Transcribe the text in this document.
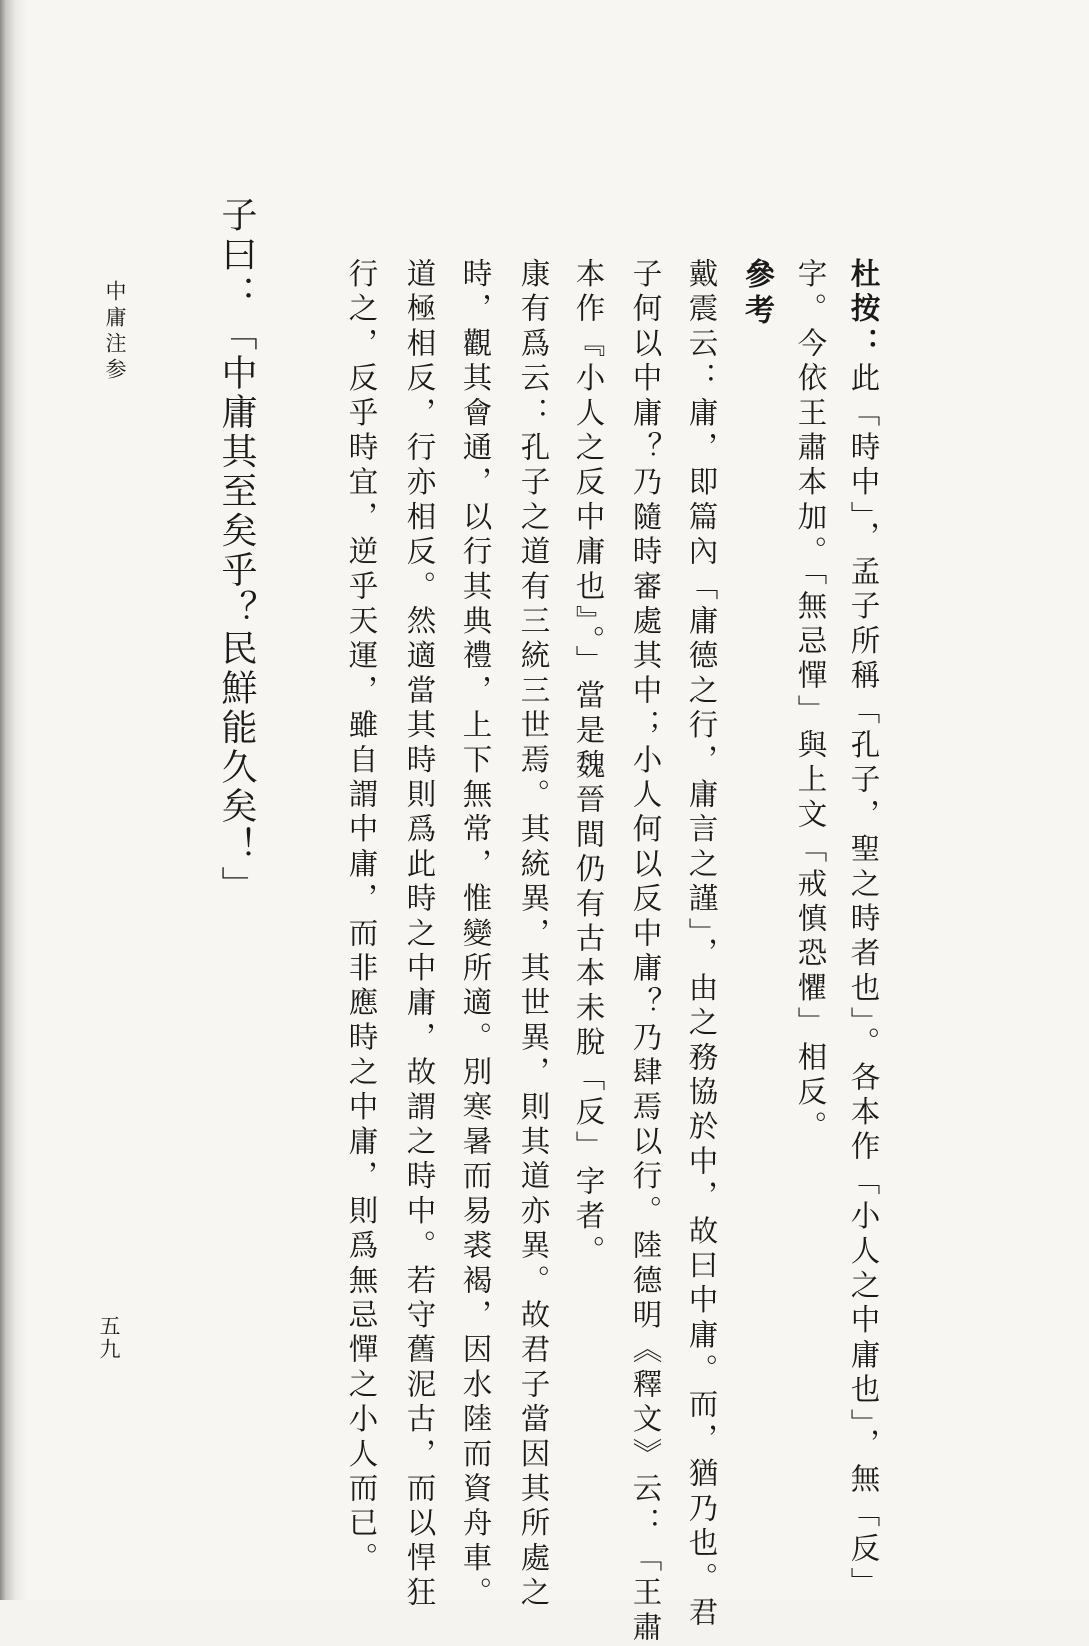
杜按：此「時中」，孟子所稱「孔子，聖之時者也」。各本作「小人之中庸也」，無「反」
字。今依王肅本加。「無忌憚」與上文「戒慎恐懼」相反。
參考
戴震云：庸，即篇內「庸德之行，庸言之謹」，由之務協於中，故曰中庸。而，猶乃也。君
子何以中庸？乃隨時審處其中；小人何以反中庸？乃肆焉以行。陸德明《釋文》云：「王肅
本作『小人之反中庸也』。」當是魏晉間仍有古本未脫「反」字者。
康有爲云：孔子之道有三統三世焉。其統異，其世異，則其道亦異。故君子當因其所處之
時，觀其會通，以行其典禮，上下無常，惟變所適。別寒暑而易裘褐，因水陸而資舟車。
道極相反，行亦相反。然適當其時則爲此時之中庸，故謂之時中。若守舊泥古，而以悍狂
行之，反乎時宜，逆乎天運，雖自謂中庸，而非應時之中庸，則爲無忌憚之小人而已。
子曰：「中庸其至矣乎？民鮮能久矣！」
中庸注参
五九
